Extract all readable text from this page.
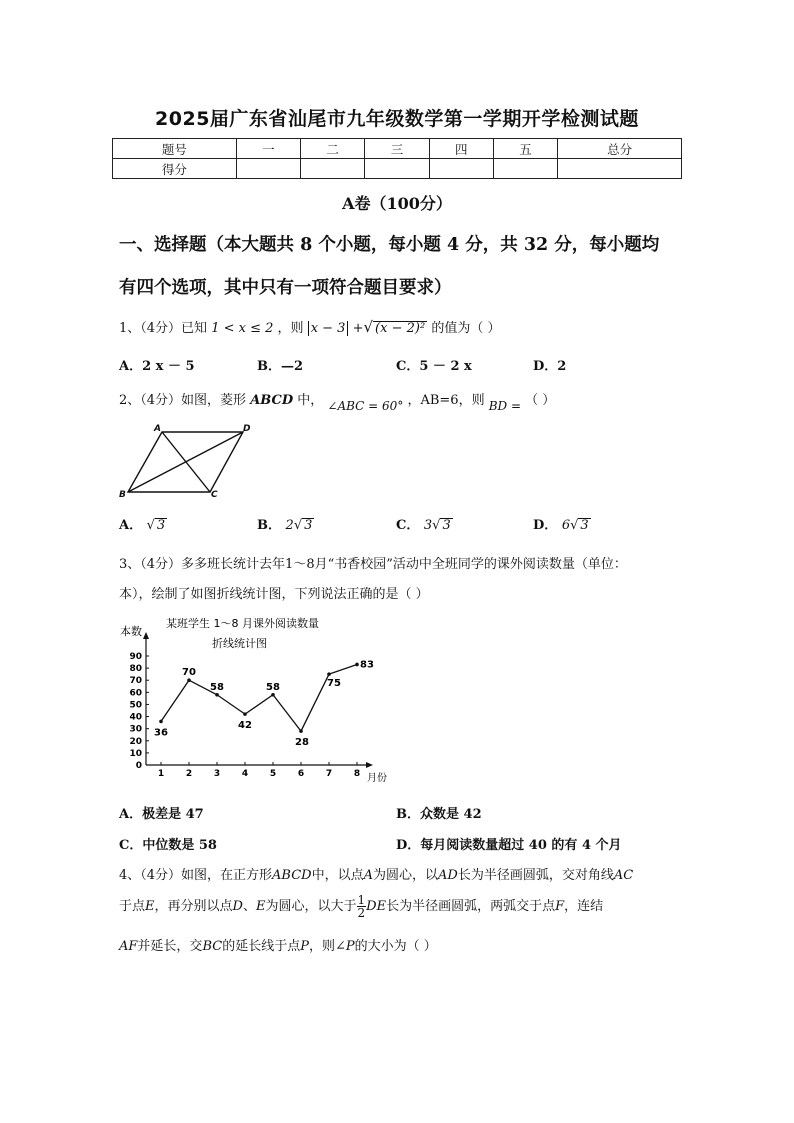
2025届广东省汕尾市九年级数学第一学期开学检测试题
题号	一	二	三	四	五	总分
得分						
A卷（100分）
一、选择题（本大题共 8 个小题，每小题 4 分，共 32 分，每小题均
有四个选项，其中只有一项符合题目要求）
1、（4分）已知 1 < x ≤ 2 ，则 x − 3 +√ (x − 2)² 的值为（ ）
A．2 x － 5	B．—2	C．5 － 2 x	D．2
2、（4分）如图，菱形 ABCD 中， ∠ABC = 60° ，AB=6，则 BD = （ ）
A	D
B	C
A． √ 3	B． 2√ 3	C． 3√ 3	D． 6√ 3
3、（4分）多多班长统计去年1～8月“书香校园”活动中全班同学的课外阅读数量（单位：
本），绘制了如图折线统计图，下列说法正确的是（ ）
某班学生 1～8 月课外阅读数量
折线统计图
本数
月份
0
10
20
30
40
50
60
70
80
90
1 2 3 4 5 6 7 8
36
70
58
42
58
28
75
83
A．极差是 47	B．众数是 42
C．中位数是 58	D．每月阅读数量超过 40 的有 4 个月
4、（4分）如图，在正方形ABCD中，以点A为圆心，以AD长为半径画圆弧，交对角线AC
于点E，再分别以点D、E为圆心，以大于 $\frac{1}{2}$ DE长为半径画圆弧，两弧交于点F，连结
AF并延长，交BC的延长线于点P，则∠P的大小为（ ）
